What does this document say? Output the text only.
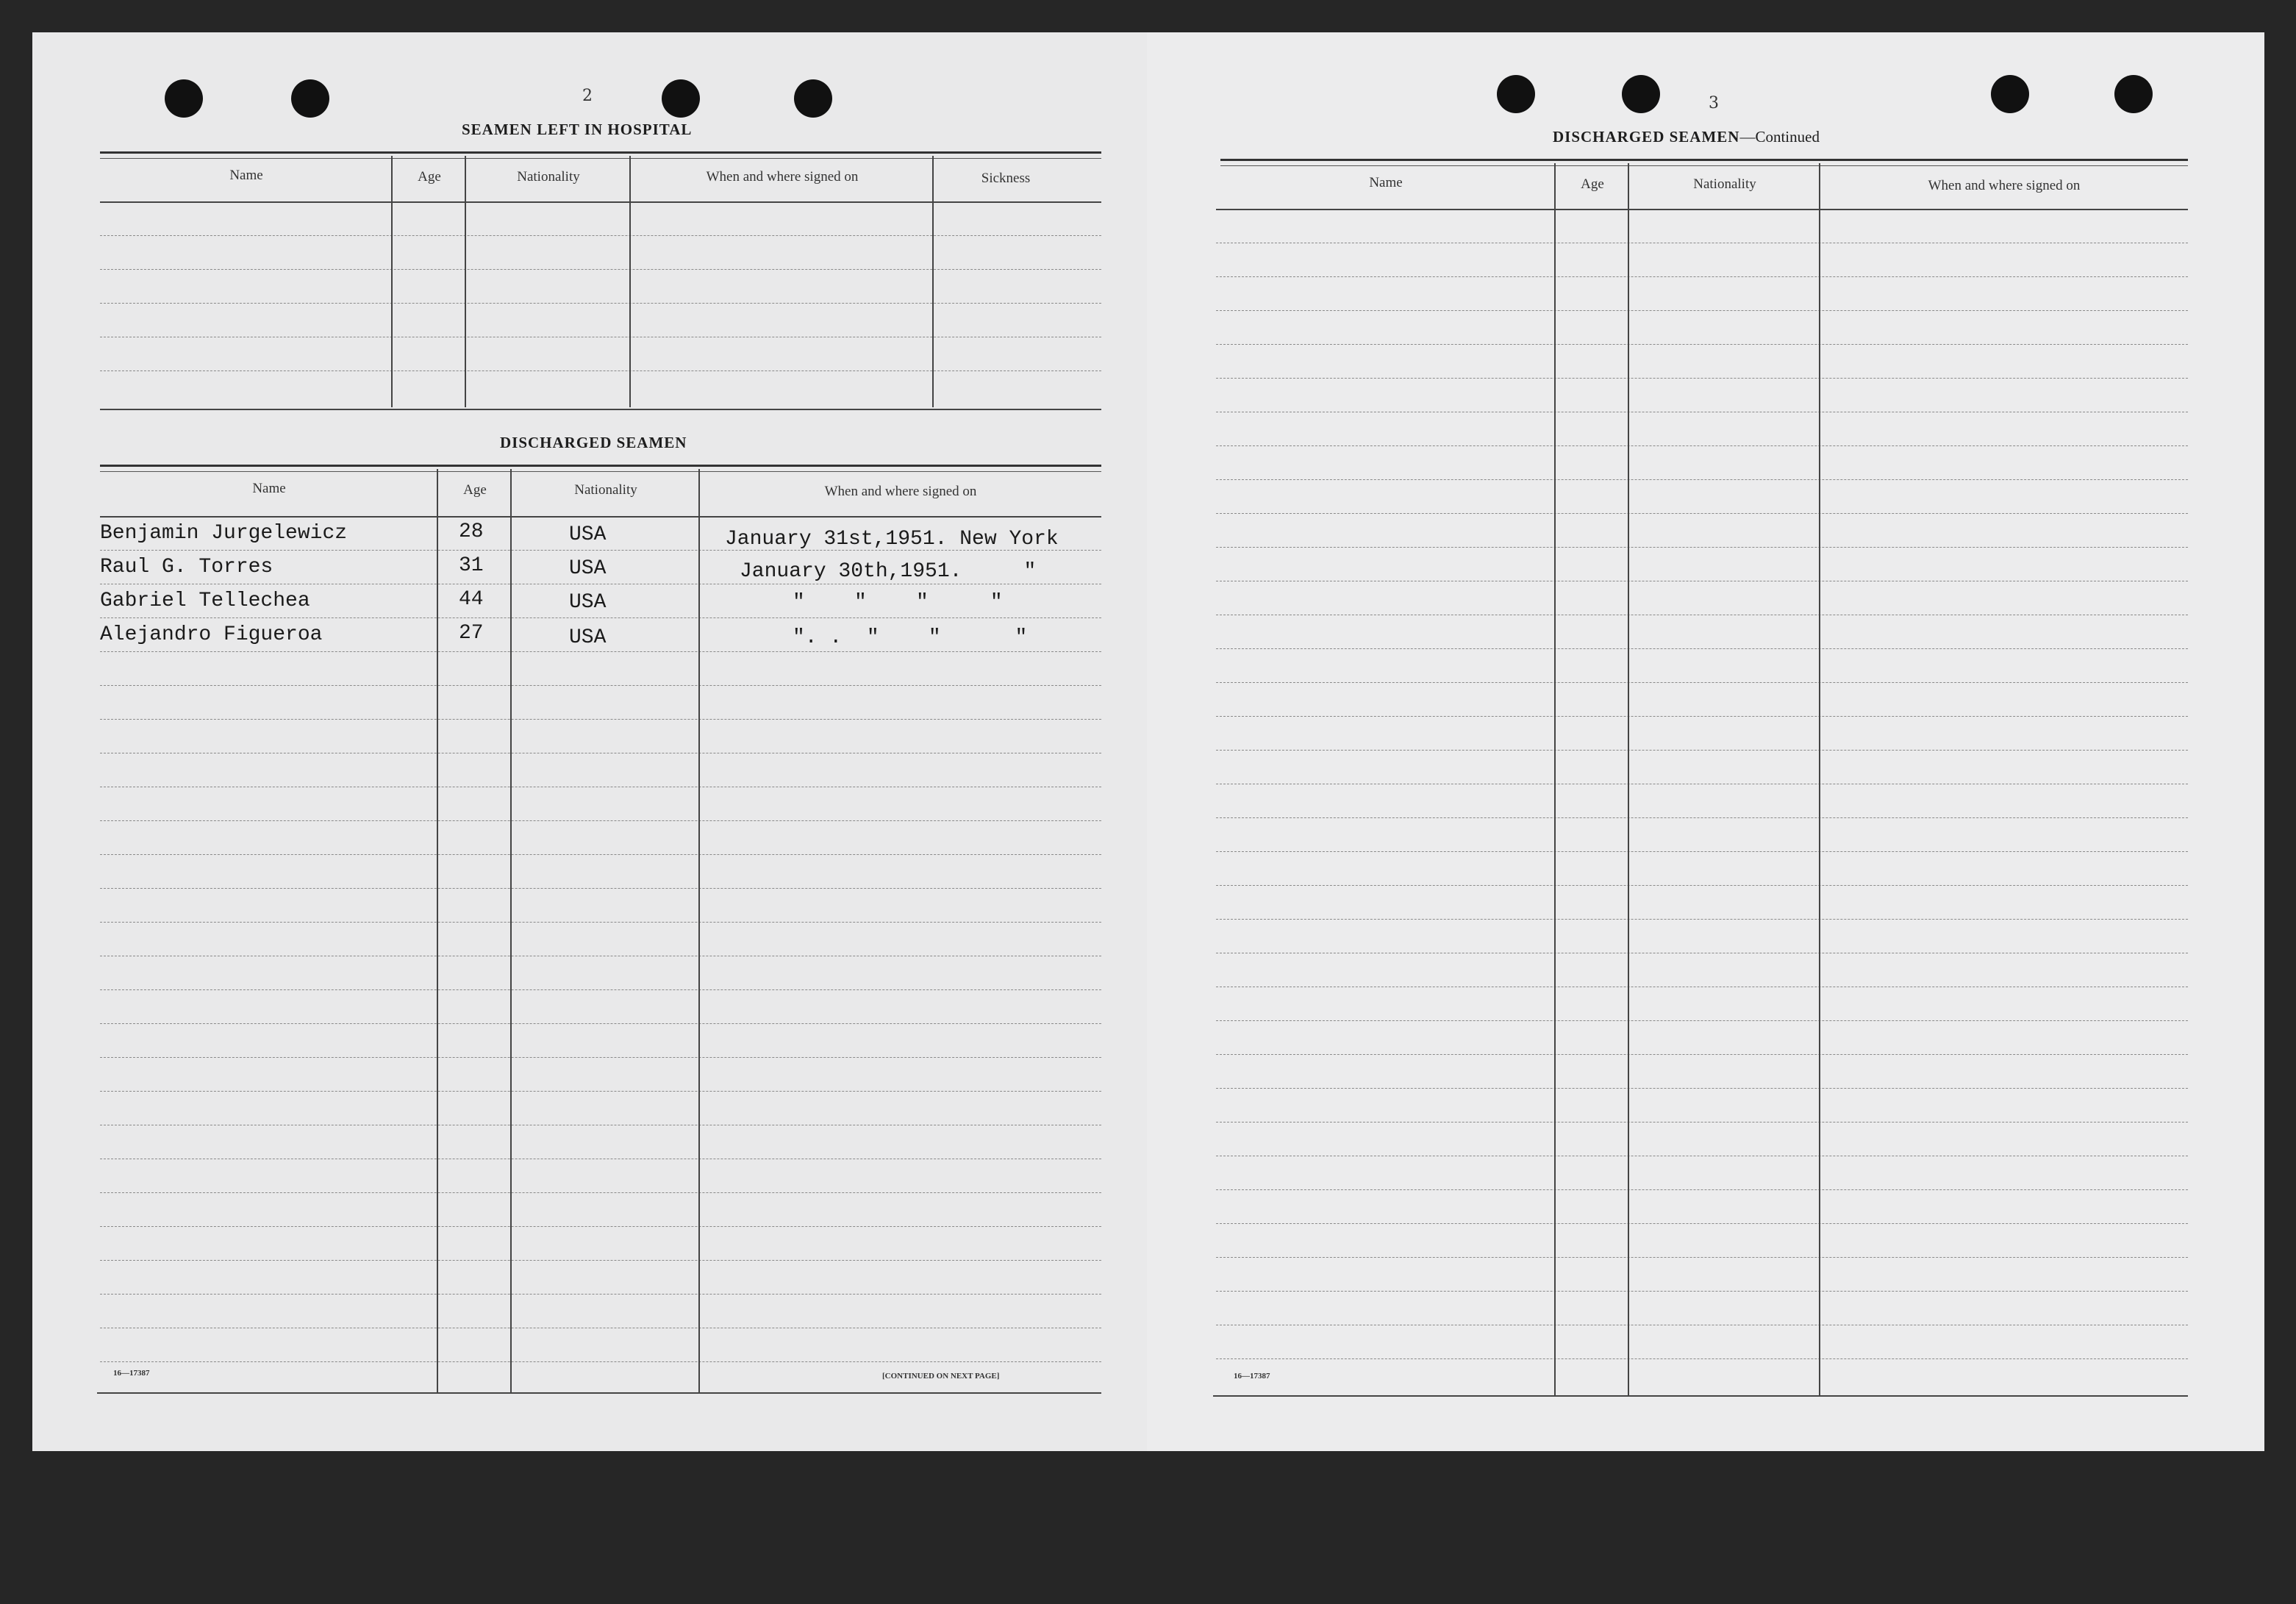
2
SEAMEN LEFT IN HOSPITAL
Name	Age	Nationality	When and where signed on	Sickness
DISCHARGED SEAMEN
Name	Age	Nationality	When and where signed on
Benjamin Jurgelewicz	28	USA	January 31st,1951. New York
Raul G. Torres	31	USA	January 30th,1951.     "
Gabriel Tellechea	44	USA	"    "    "     "
Alejandro Figueroa	27	USA	". .  "    "      "
16—17387	[CONTINUED ON NEXT PAGE]
3
DISCHARGED SEAMEN—Continued
Name	Age	Nationality	When and where signed on
16—17387
